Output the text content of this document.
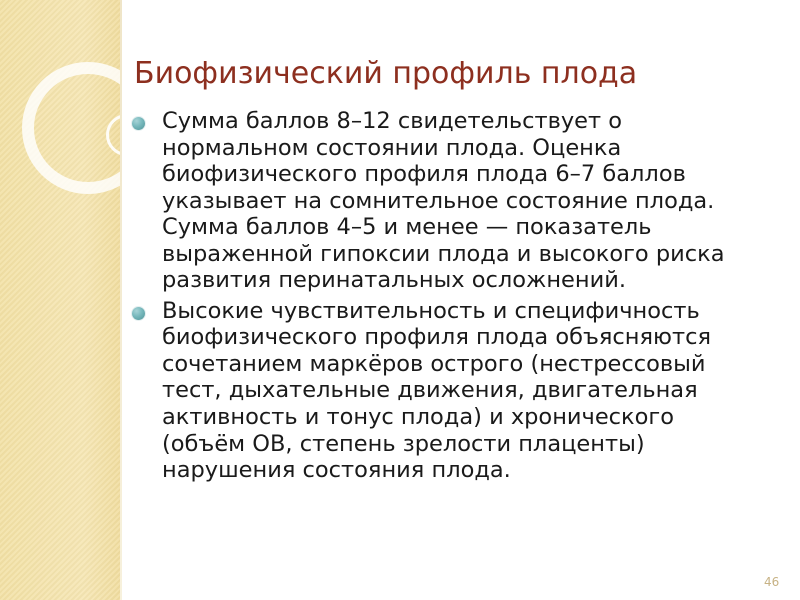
Биофизический профиль плода
Сумма баллов 8–12 свидетельствует о
нормальном состоянии плода. Оценка
биофизического профиля плода 6–7 баллов
указывает на сомнительное состояние плода.
Сумма баллов 4–5 и менее — показатель
выраженной гипоксии плода и высокого риска
развития перинатальных осложнений.
Высокие чувствительность и специфичность
биофизического профиля плода объясняются
сочетанием маркёров острого (нестрессовый
тест, дыхательные движения, двигательная
активность и тонус плода) и хронического
(объём ОВ, степень зрелости плаценты)
нарушения состояния плода.
46
